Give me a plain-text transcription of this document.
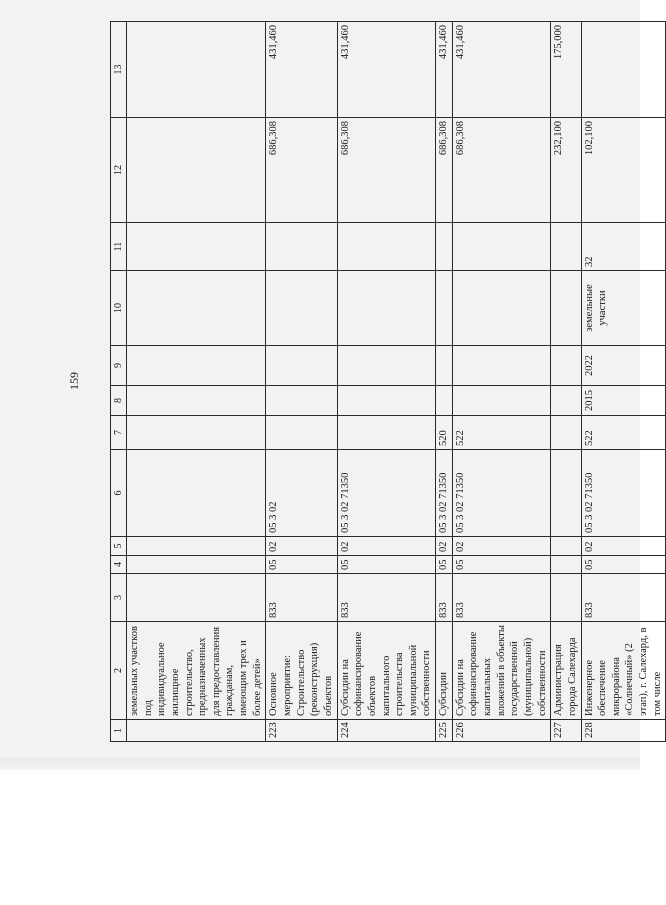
159
1	2	3	4	5	6	7	8	9	10	11	12	13
	земельных участков под индивидуальное жилищное строительство, предназначенных для предоставления гражданам, имеющим трех и более детей»											
223	Основное мероприятие: Строительство (реконструкция) объектов	833	05	02	05 3 02						686,308	431,460
224	Субсидии на софинансирование объектов капитального строительства муниципальной собственности	833	05	02	05 3 02 71350						686,308	431,460
225	Субсидии	833	05	02	05 3 02 71350	520					686,308	431,460
226	Субсидии на софинансирование капитальных вложений в объекты государственной (муниципальной) собственности	833	05	02	05 3 02 71350	522					686,308	431,460
227	Администрация города Салехарда										232,100	175,000
228	Инженерное обеспечение микрорайона «Солнечный» (2 этап), г. Салехард, в том числе	833	05	02	05 3 02 71350	522	2015	2022	земельные участки	32	102,100	
